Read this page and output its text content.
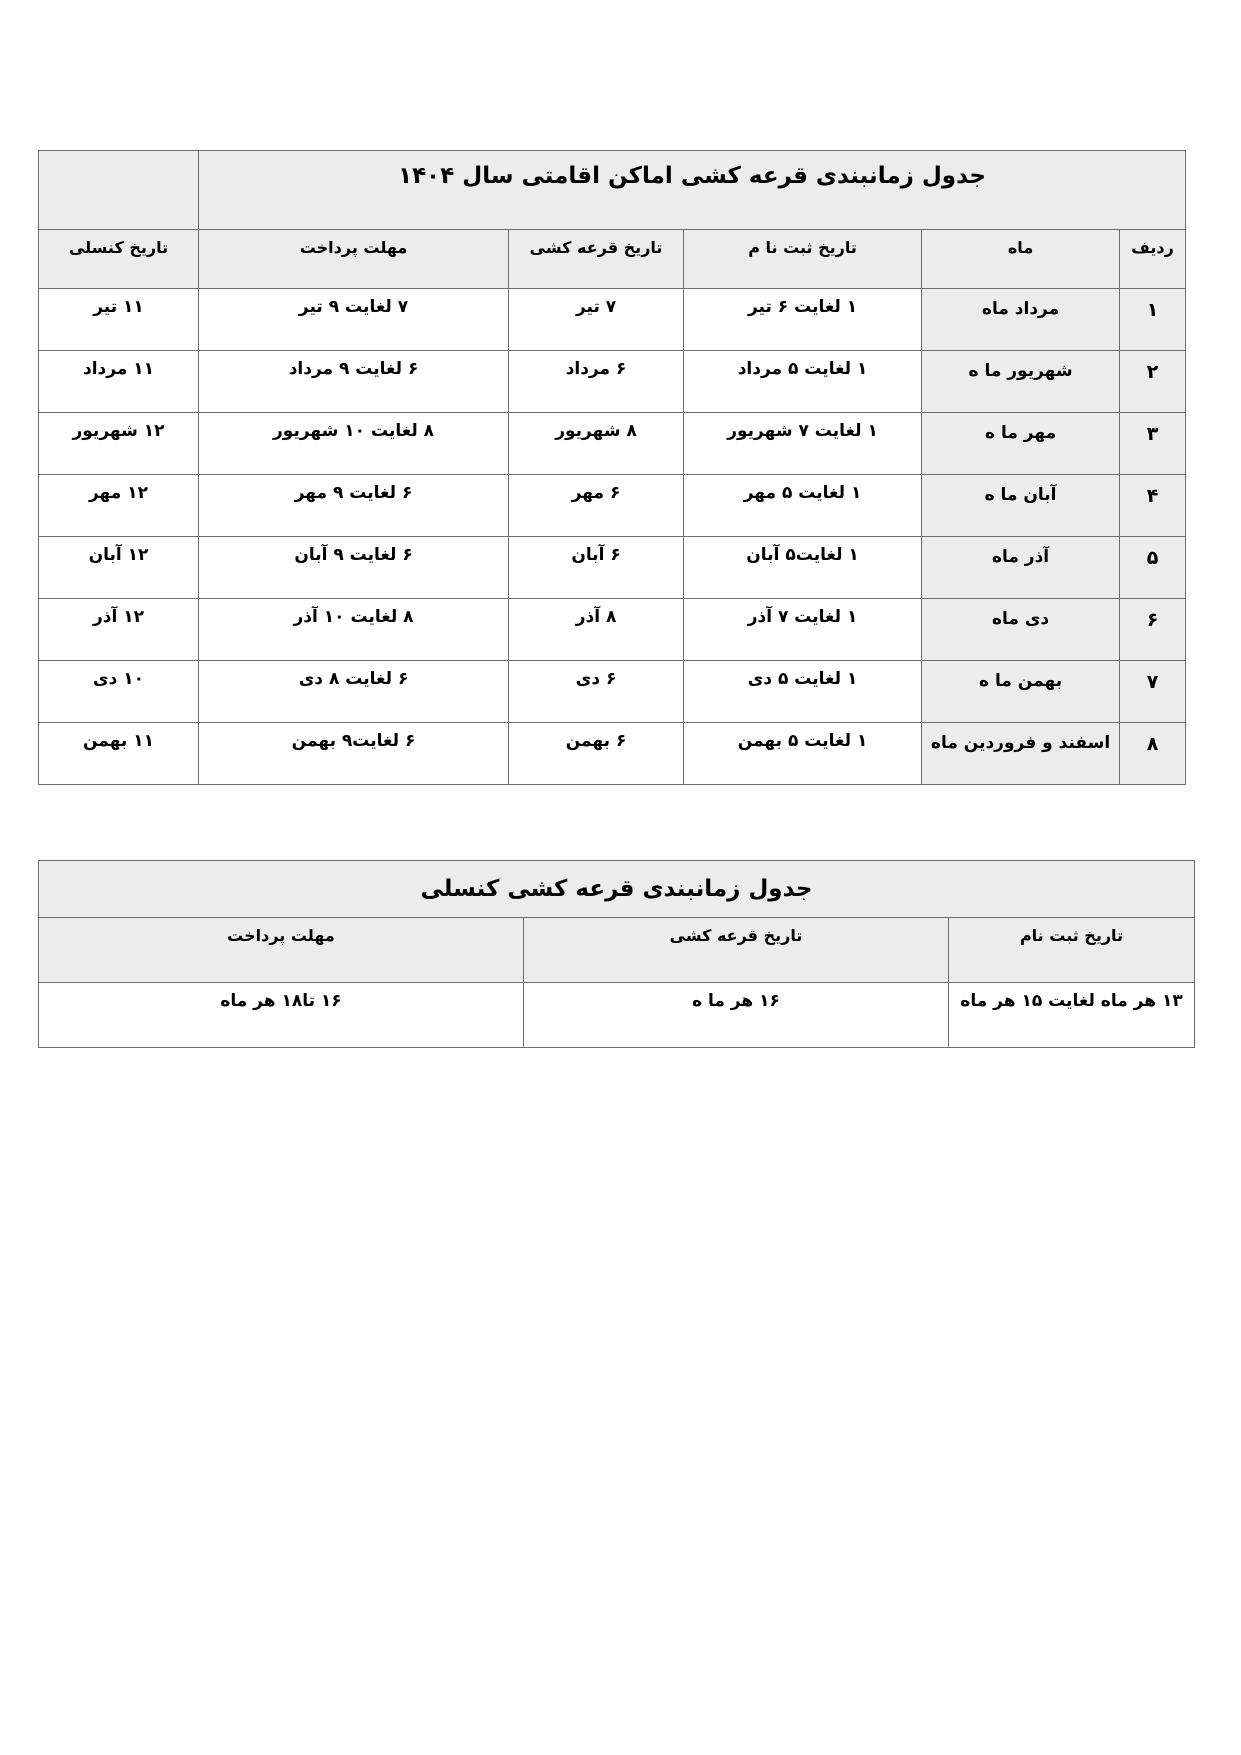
جدول زمانبندی قرعه کشی اماکن اقامتی سال ۱۴۰۴					
ردیف	ماه	تاریخ ثبت نا م	تاریخ قرعه کشی	مهلت پرداخت	تاریخ کنسلی
۱	مرداد ماه	۱ لغایت ۶ تیر	۷ تیر	۷ لغایت ۹ تیر	۱۱ تیر
۲	شهریور ما ه	۱ لغایت ۵ مرداد	۶ مرداد	۶ لغایت ۹ مرداد	۱۱ مرداد
۳	مهر ما ه	۱ لغایت ۷ شهریور	۸ شهریور	۸ لغایت ۱۰ شهریور	۱۲ شهریور
۴	آبان ما ه	۱ لغایت ۵ مهر	۶ مهر	۶ لغایت ۹ مهر	۱۲ مهر
۵	آذر ماه	۱ لغایت۵ آبان	۶ آبان	۶ لغایت ۹ آبان	۱۲ آبان
۶	دی ماه	۱ لغایت ۷ آذر	۸ آذر	۸ لغایت ۱۰ آذر	۱۲ آذر
۷	بهمن ما ه	۱ لغایت ۵ دی	۶ دی	۶ لغایت ۸ دی	۱۰ دی
۸	اسفند و فروردین ماه	۱ لغایت ۵ بهمن	۶ بهمن	۶ لغایت۹ بهمن	۱۱ بهمن
جدول زمانبندی قرعه کشی کنسلی		
تاریخ ثبت نام	تاریخ قرعه کشی	مهلت پرداخت
۱۳ هر ماه لغایت ۱۵ هر ماه	۱۶ هر ما ه	۱۶ تا۱۸ هر ماه
